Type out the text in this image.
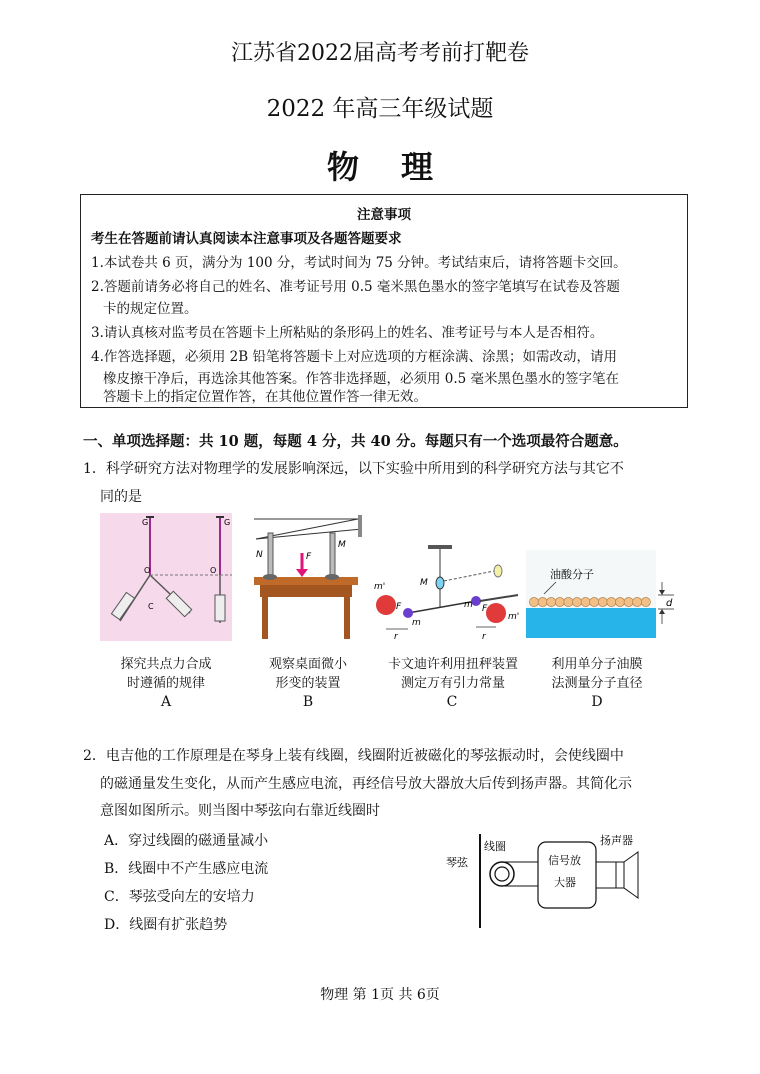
江苏省2022届高考考前打靶卷
2022 年高三年级试题
物理
注意事项
考生在答题前请认真阅读本注意事项及各题答题要求
1.本试卷共 6 页，满分为 100 分，考试时间为 75 分钟。考试结束后，请将答题卡交回。
2.答题前请务必将自己的姓名、准考证号用 0.5 毫米黑色墨水的签字笔填写在试卷及答题
卡的规定位置。
3.请认真核对监考员在答题卡上所粘贴的条形码上的姓名、准考证号与本人是否相符。
4.作答选择题，必须用 2B 铅笔将答题卡上对应选项的方框涂满、涂黑；如需改动，请用
橡皮擦干净后，再选涂其他答案。作答非选择题，必须用 0.5 毫米黑色墨水的签字笔在
答题卡上的指定位置作答，在其他位置作答一律无效。
一、单项选择题：共 10 题，每题 4 分，共 40 分。每题只有一个选项最符合题意。
1．科学研究方法对物理学的发展影响深远，以下实验中所用到的科学研究方法与其它不
同的是
G	G
O	O
C
N
M
F
M
m'
m'
m
m
F	F
r	r
油酸分子
d
探究共点力合成
时遵循的规律
A
观察桌面微小
形变的装置
B
卡文迪许利用扭秤装置
测定万有引力常量
C
利用单分子油膜
法测量分子直径
D
2．电吉他的工作原理是在琴身上装有线圈，线圈附近被磁化的琴弦振动时，会使线圈中
的磁通量发生变化，从而产生感应电流，再经信号放大器放大后传到扬声器。其简化示
意图如图所示。则当图中琴弦向右靠近线圈时
A．穿过线圈的磁通量减小
B．线圈中不产生感应电流
C．琴弦受向左的安培力
D．线圈有扩张趋势
琴弦
线圈
信号放
大器
扬声器
物理 第 1页 共 6页
